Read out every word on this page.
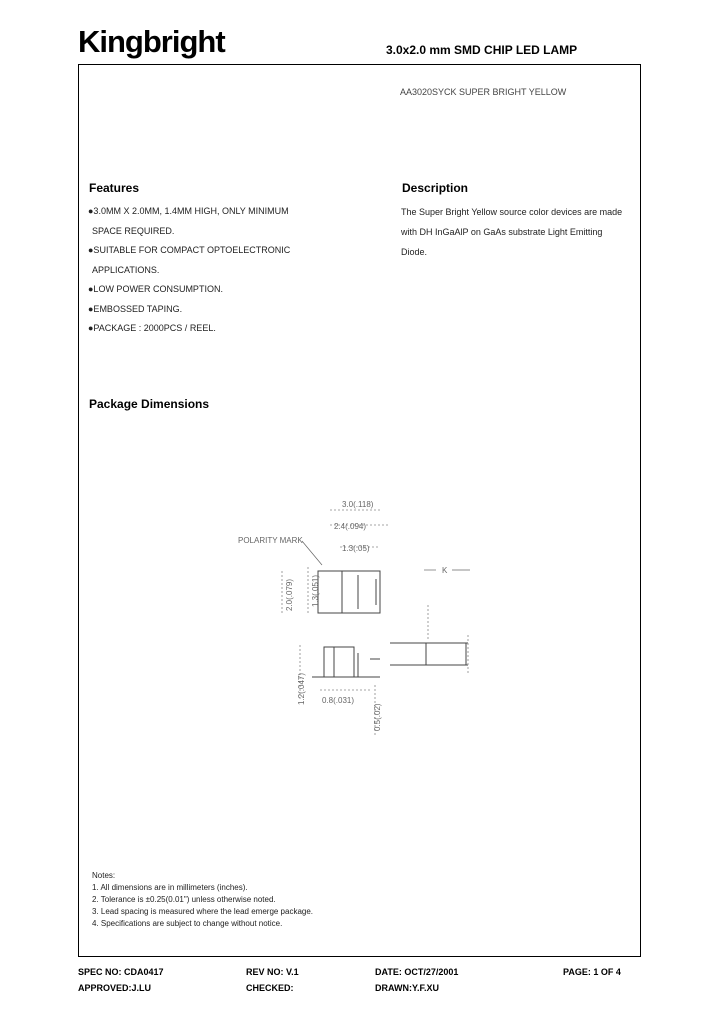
Kingbright	3.0x2.0 mm SMD CHIP LED LAMP
AA3020SYCK SUPER BRIGHT YELLOW
Features
●3.0MM X 2.0MM, 1.4MM HIGH, ONLY MINIMUM
SPACE REQUIRED.
●SUITABLE FOR COMPACT OPTOELECTRONIC
APPLICATIONS.
●LOW POWER CONSUMPTION.
●EMBOSSED TAPING.
●PACKAGE : 2000PCS / REEL.
Description
The Super Bright Yellow source color devices are made
with DH InGaAlP on GaAs substrate Light Emitting
Diode.
Package Dimensions
3.0(.118)
2.4(.094)
1.3(.05)
POLARITY MARK
2.0(.079) 1.3(.051)
K
1.2(.047) 0.8(.031)
0.5(.02)
Notes:
1. All dimensions are in millimeters (inches).
2. Tolerance is ±0.25(0.01") unless otherwise noted.
3. Lead spacing is measured where the lead emerge package.
4. Specifications are subject to change without notice.
SPEC NO: CDA0417	REV NO: V.1	DATE: OCT/27/2001	PAGE: 1 OF 4
APPROVED:J.LU	CHECKED:	DRAWN:Y.F.XU
